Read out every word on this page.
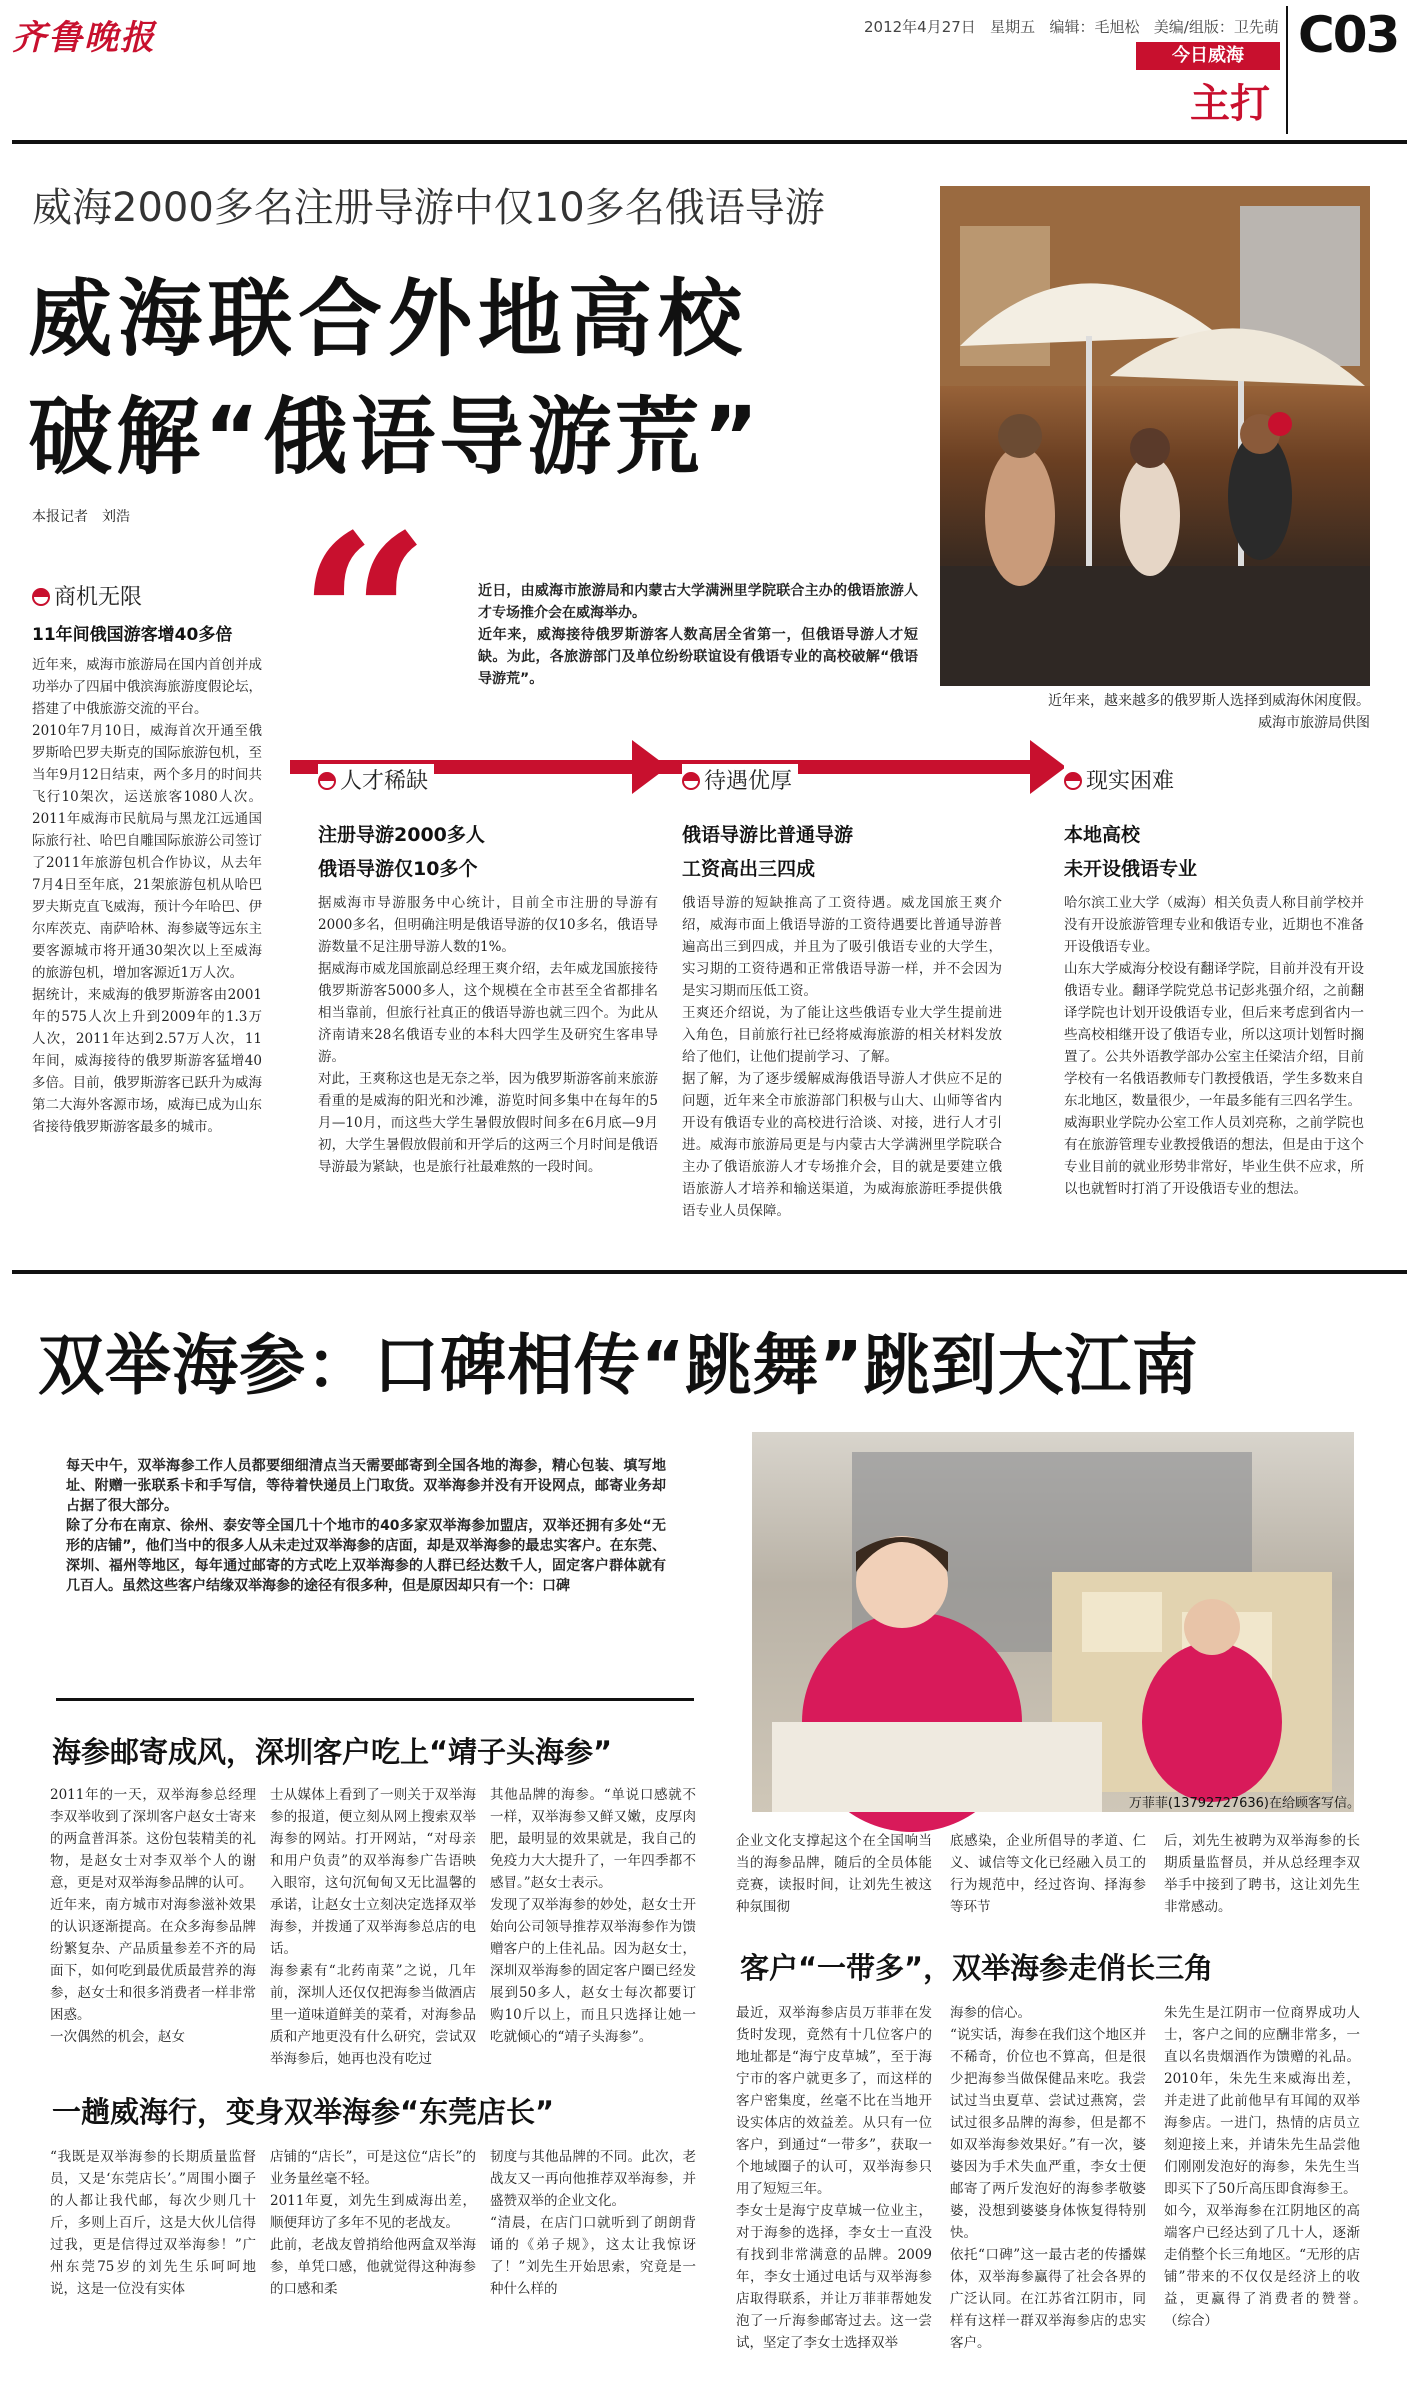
齐鲁晚报	2012年4月27日 星期五 编辑：毛旭松 美编/组版：卫先萌
今日威海
主打
C03
威海2000多名注册导游中仅10多名俄语导游
威海联合外地高校
破解“俄语导游荒”
本报记者　刘浩
近年来，越来越多的俄罗斯人选择到威海休闲度假。
威海市旅游局供图
“	近日，由威海市旅游局和内蒙古大学满洲里学院联合主办的俄语旅游人才专场推介会在威海举办。
近年来，威海接待俄罗斯游客人数高居全省第一，但俄语导游人才短缺。为此，各旅游部门及单位纷纷联谊设有俄语专业的高校破解“俄语导游荒”。
商机无限
11年间俄国游客增40多倍
近年来，威海市旅游局在国内首创并成功举办了四届中俄滨海旅游度假论坛，搭建了中俄旅游交流的平台。
2010年7月10日，威海首次开通至俄罗斯哈巴罗夫斯克的国际旅游包机，至当年9月12日结束，两个多月的时间共飞行10架次，运送旅客1080人次。2011年威海市民航局与黑龙江远通国际旅行社、哈巴自雕国际旅游公司签订了2011年旅游包机合作协议，从去年7月4日至年底，21架旅游包机从哈巴罗夫斯克直飞威海，预计今年哈巴、伊尔库茨克、南萨哈林、海参崴等远东主要客源城市将开通30架次以上至威海的旅游包机，增加客源近1万人次。
据统计，来威海的俄罗斯游客由2001年的575人次上升到2009年的1.3万人次，2011年达到2.57万人次，11年间，威海接待的俄罗斯游客猛增40多倍。目前，俄罗斯游客已跃升为威海第二大海外客源市场，威海已成为山东省接待俄罗斯游客最多的城市。
人才稀缺
注册导游2000多人
俄语导游仅10多个
据威海市导游服务中心统计，目前全市注册的导游有2000多名，但明确注明是俄语导游的仅10多名，俄语导游数量不足注册导游人数的1%。
据威海市威龙国旅副总经理王爽介绍，去年威龙国旅接待俄罗斯游客5000多人，这个规模在全市甚至全省都排名相当靠前，但旅行社真正的俄语导游也就三四个。为此从济南请来28名俄语专业的本科大四学生及研究生客串导游。
对此，王爽称这也是无奈之举，因为俄罗斯游客前来旅游看重的是威海的阳光和沙滩，游览时间多集中在每年的5月—10月，而这些大学生暑假放假时间多在6月底—9月初，大学生暑假放假前和开学后的这两三个月时间是俄语导游最为紧缺，也是旅行社最难熬的一段时间。
待遇优厚
俄语导游比普通导游
工资高出三四成
俄语导游的短缺推高了工资待遇。威龙国旅王爽介绍，威海市面上俄语导游的工资待遇要比普通导游普遍高出三到四成，并且为了吸引俄语专业的大学生，实习期的工资待遇和正常俄语导游一样，并不会因为是实习期而压低工资。
王爽还介绍说，为了能让这些俄语专业大学生提前进入角色，目前旅行社已经将威海旅游的相关材料发放给了他们，让他们提前学习、了解。
据了解，为了逐步缓解威海俄语导游人才供应不足的问题，近年来全市旅游部门积极与山大、山师等省内开设有俄语专业的高校进行洽谈、对接，进行人才引进。威海市旅游局更是与内蒙古大学满洲里学院联合主办了俄语旅游人才专场推介会，目的就是要建立俄语旅游人才培养和输送渠道，为威海旅游旺季提供俄语专业人员保障。
现实困难
本地高校
未开设俄语专业
哈尔滨工业大学（威海）相关负责人称目前学校并没有开设旅游管理专业和俄语专业，近期也不准备开设俄语专业。
山东大学威海分校设有翻译学院，目前并没有开设俄语专业。翻译学院党总书记彭兆强介绍，之前翻译学院也计划开设俄语专业，但后来考虑到省内一些高校相继开设了俄语专业，所以这项计划暂时搁置了。公共外语教学部办公室主任梁洁介绍，目前学校有一名俄语教师专门教授俄语，学生多数来自东北地区，数量很少，一年最多能有三四名学生。
威海职业学院办公室工作人员刘亮称，之前学院也有在旅游管理专业教授俄语的想法，但是由于这个专业目前的就业形势非常好，毕业生供不应求，所以也就暂时打消了开设俄语专业的想法。
双举海参：口碑相传“跳舞”跳到大江南
每天中午，双举海参工作人员都要细细清点当天需要邮寄到全国各地的海参，精心包装、填写地址、附赠一张联系卡和手写信，等待着快递员上门取货。双举海参并没有开设网点，邮寄业务却占据了很大部分。
除了分布在南京、徐州、泰安等全国几十个地市的40多家双举海参加盟店，双举还拥有多处“无形的店铺”，他们当中的很多人从未走过双举海参的店面，却是双举海参的最忠实客户。在东莞、深圳、福州等地区，每年通过邮寄的方式吃上双举海参的人群已经达数千人，固定客户群体就有几百人。虽然这些客户结缘双举海参的途径有很多种，但是原因却只有一个：口碑
万菲菲(13792727636)在给顾客写信。
海参邮寄成风，深圳客户吃上“靖子头海参”
2011年的一天，双举海参总经理李双举收到了深圳客户赵女士寄来的两盒普洱茶。这份包装精美的礼物，是赵女士对李双举个人的谢意，更是对双举海参品牌的认可。
近年来，南方城市对海参滋补效果的认识逐渐提高。在众多海参品牌纷繁复杂、产品质量参差不齐的局面下，如何吃到最优质最营养的海参，赵女士和很多消费者一样非常困惑。
一次偶然的机会，赵女
士从媒体上看到了一则关于双举海参的报道，便立刻从网上搜索双举海参的网站。打开网站，“对母亲和用户负责”的双举海参广告语映入眼帘，这句沉甸甸又无比温馨的承诺，让赵女士立刻决定选择双举海参，并拨通了双举海参总店的电话。
海参素有“北药南菜”之说，几年前，深圳人还仅仅把海参当做酒店里一道味道鲜美的菜肴，对海参品质和产地更没有什么研究，尝试双举海参后，她再也没有吃过
其他品牌的海参。“单说口感就不一样，双举海参又鲜又嫩，皮厚肉肥，最明显的效果就是，我自己的免疫力大大提升了，一年四季都不感冒。”赵女士表示。
发现了双举海参的妙处，赵女士开始向公司领导推荐双举海参作为馈赠客户的上佳礼品。因为赵女士，深圳双举海参的固定客户圈已经发展到50多人，赵女士每次都要订购10斤以上，而且只选择让她一吃就倾心的“靖子头海参”。
一趟威海行，变身双举海参“东莞店长”
“我既是双举海参的长期质量监督员，又是‘东莞店长’。”周围小圈子的人都让我代邮，每次少则几十斤，多则上百斤，这是大伙儿信得过我，更是信得过双举海参！”广州东莞75岁的刘先生乐呵呵地说，这是一位没有实体
店铺的“店长”，可是这位“店长”的业务量丝毫不轻。
2011年夏，刘先生到威海出差，顺便拜访了多年不见的老战友。
此前，老战友曾捎给他两盒双举海参，单凭口感，他就觉得这种海参的口感和柔
韧度与其他品牌的不同。此次，老战友又一再向他推荐双举海参，并盛赞双举的企业文化。
“清晨，在店门口就听到了朗朗背诵的《弟子规》，这太让我惊讶了！”刘先生开始思索，究竟是一种什么样的
企业文化支撑起这个在全国响当当的海参品牌，随后的全员体能竞赛，读报时间，让刘先生被这种氛围彻
底感染，企业所倡导的孝道、仁义、诚信等文化已经融入员工的行为规范中，经过咨询、择海参等环节
后，刘先生被聘为双举海参的长期质量监督员，并从总经理李双举手中接到了聘书，这让刘先生非常感动。
客户“一带多”，双举海参走俏长三角
最近，双举海参店员万菲菲在发货时发现，竟然有十几位客户的地址都是“海宁皮草城”，至于海宁市的客户就更多了，而这样的客户密集度，丝毫不比在当地开设实体店的效益差。从只有一位客户，到通过“一带多”，获取一个地域圈子的认可，双举海参只用了短短三年。
李女士是海宁皮草城一位业主，对于海参的选择，李女士一直没有找到非常满意的品牌。2009年，李女士通过电话与双举海参店取得联系，并让万菲菲帮她发泡了一斤海参邮寄过去。这一尝试，坚定了李女士选择双举
海参的信心。
“说实话，海参在我们这个地区并不稀奇，价位也不算高，但是很少把海参当做保健品来吃。我尝试过当虫夏草、尝试过燕窝，尝试过很多品牌的海参，但是都不如双举海参效果好。”有一次，婆婆因为手术失血严重，李女士便邮寄了两斤发泡好的海参孝敬婆婆，没想到婆婆身体恢复得特别快。
依托“口碑”这一最古老的传播媒体，双举海参赢得了社会各界的广泛认同。在江苏省江阴市，同样有这样一群双举海参店的忠实客户。
朱先生是江阴市一位商界成功人士，客户之间的应酬非常多，一直以名贵烟酒作为馈赠的礼品。2010年，朱先生来威海出差，并走进了此前他早有耳闻的双举海参店。一进门，热情的店员立刻迎接上来，并请朱先生品尝他们刚刚发泡好的海参，朱先生当即买下了50斤高压即食海参王。
如今，双举海参在江阴地区的高端客户已经达到了几十人，逐渐走俏整个长三角地区。“无形的店铺”带来的不仅仅是经济上的收益，更赢得了消费者的赞誉。　（综合）
